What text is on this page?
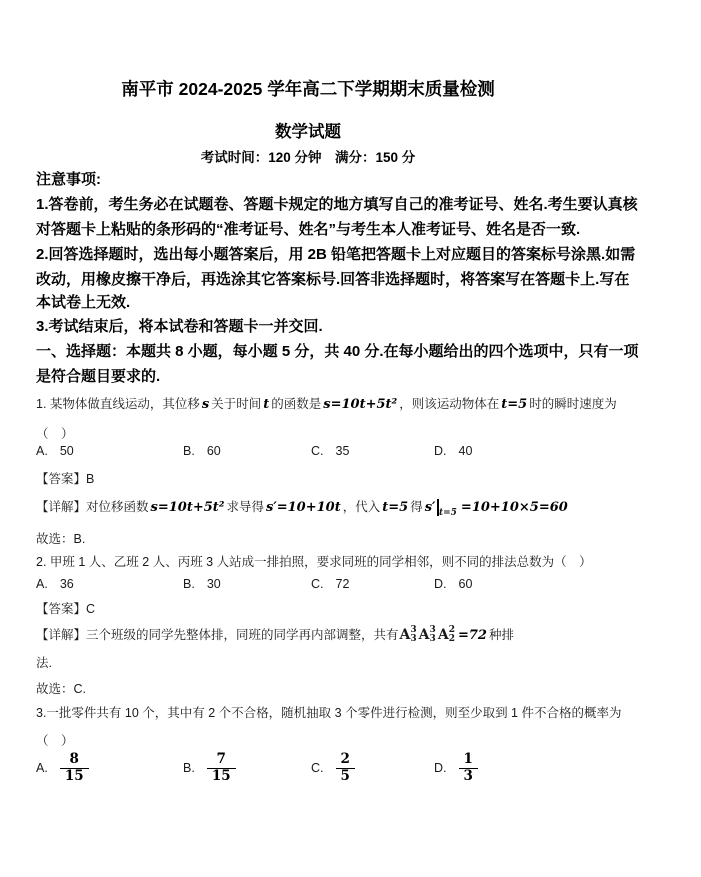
南平市 2024-2025 学年高二下学期期末质量检测
数学试题
考试时间：120 分钟　满分：150 分
注意事项:
1.答卷前，考生务必在试题卷、答题卡规定的地方填写自己的准考证号、姓名.考生要认真核
对答题卡上粘贴的条形码的“准考证号、姓名”与考生本人准考证号、姓名是否一致.
2.回答选择题时，选出每小题答案后，用 2B 铅笔把答题卡上对应题目的答案标号涂黑.如需
改动，用橡皮擦干净后，再选涂其它答案标号.回答非选择题时，将答案写在答题卡上.写在
本试卷上无效.
3.考试结束后，将本试卷和答题卡一并交回.
一、选择题：本题共 8 小题，每小题 5 分，共 40 分.在每小题给出的四个选项中，只有一项
是符合题目要求的.
1. 某物体做直线运动，其位移 s 关于时间 t 的函数是 s=10t+5t² ，则该运动物体在 t=5 时的瞬时速度为
（　）
A. 50	B. 60	C. 35	D. 40
【答案】B
【详解】对位移函数 s=10t+5t² 求导得 s′=10+10t ，代入 t=5 得 s′ $_{t=5}$ =10+10×5=60
故选：B.
2. 甲班 1 人、乙班 2 人、丙班 3 人站成一排拍照，要求同班的同学相邻，则不同的排法总数为（　）
A. 36	B. 30	C. 72	D. 60
【答案】C
【详解】三个班级的同学先整体排，同班的同学再内部调整，共有 A 3
3 A 3
3 A 2
2 =72 种排
法.
故选：C.
3.一批零件共有 10 个，其中有 2 个不合格，随机抽取 3 个零件进行检测，则至少取到 1 件不合格的概率为
（　）
A. $\frac{8}{15}$	B. $\frac{7}{15}$	C. $\frac{2}{5}$	D. $\frac{1}{3}$
